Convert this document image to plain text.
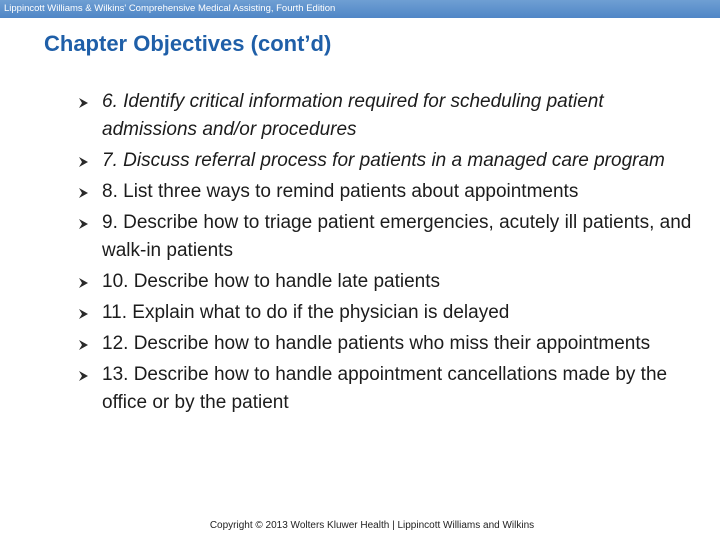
Lippincott Williams & Wilkins' Comprehensive Medical Assisting, Fourth Edition
Chapter Objectives (cont’d)
6. Identify critical information required for scheduling patient admissions and/or procedures
7. Discuss referral process for patients in a managed care program
8. List three ways to remind patients about appointments
9. Describe how to triage patient emergencies, acutely ill patients, and walk-in patients
10. Describe how to handle late patients
11. Explain what to do if the physician is delayed
12. Describe how to handle patients who miss their appointments
13. Describe how to handle appointment cancellations made by the office or by the patient
Copyright © 2013 Wolters Kluwer Health | Lippincott Williams and Wilkins
